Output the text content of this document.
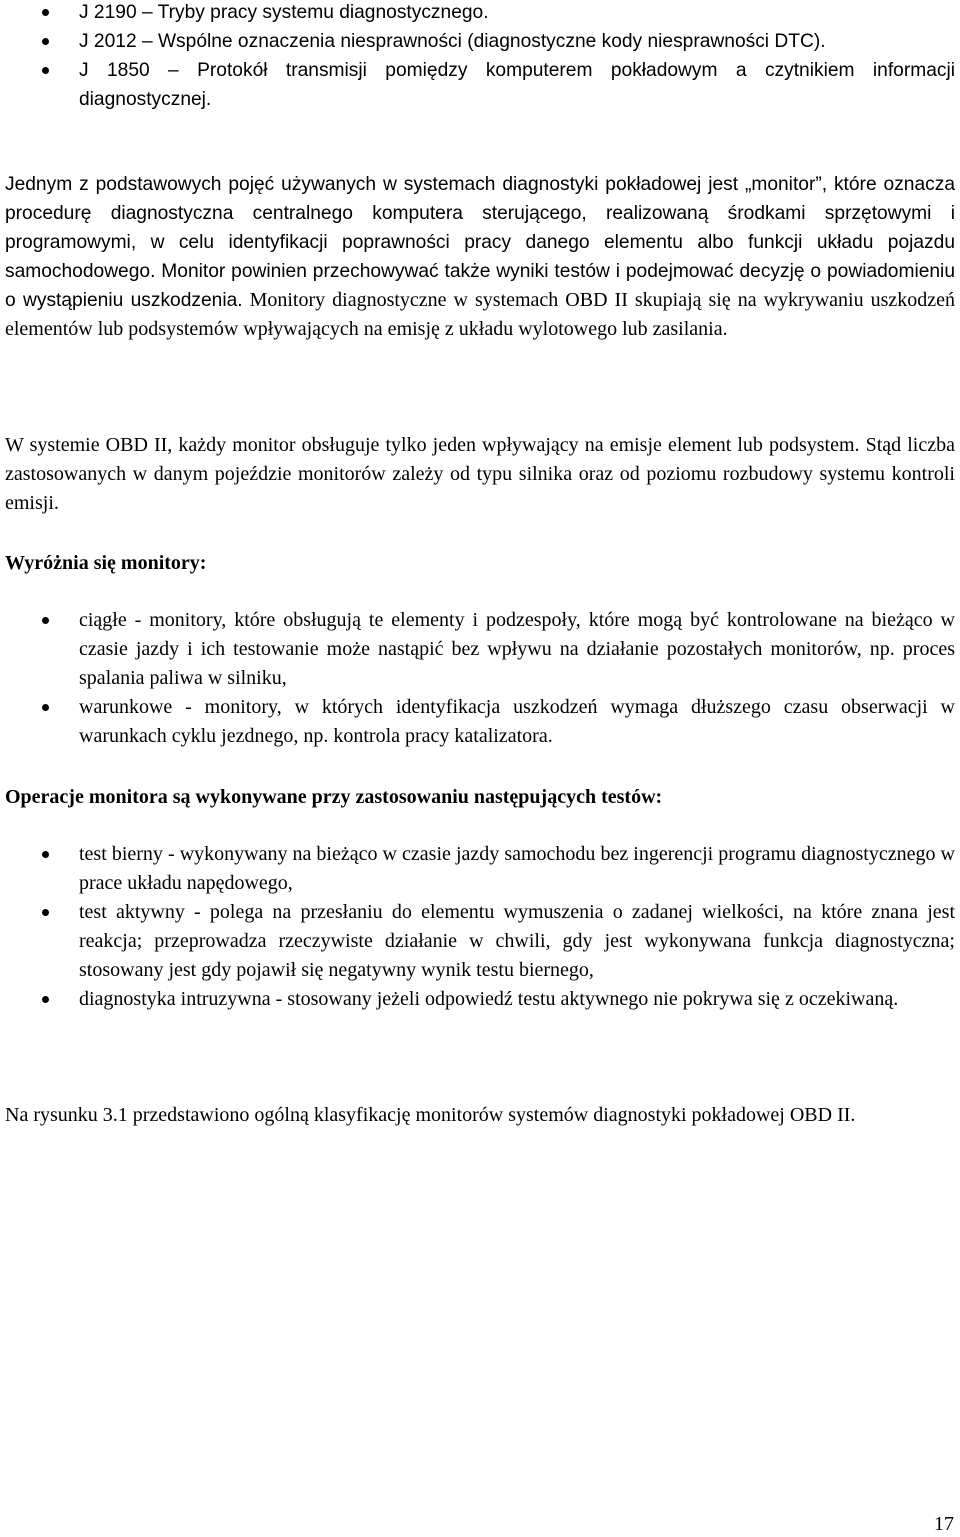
J 2190 – Tryby pracy systemu diagnostycznego.
J 2012 – Wspólne oznaczenia niesprawności (diagnostyczne kody niesprawności DTC).
J 1850 – Protokół transmisji pomiędzy komputerem pokładowym a czytnikiem informacji diagnostycznej.
Jednym z podstawowych pojęć używanych w systemach diagnostyki pokładowej jest „monitor”, które oznacza procedurę diagnostyczna centralnego komputera sterującego, realizowaną środkami sprzętowymi i programowymi, w celu identyfikacji poprawności pracy danego elementu albo funkcji układu pojazdu samochodowego. Monitor powinien przechowywać także wyniki testów i podejmować decyzję o powiadomieniu o wystąpieniu uszkodzenia. Monitory diagnostyczne w systemach OBD II skupiają się na wykrywaniu uszkodzeń elementów lub podsystemów wpływających na emisję z układu wylotowego lub zasilania.
W systemie OBD II, każdy monitor obsługuje tylko jeden wpływający na emisje element lub podsystem. Stąd liczba zastosowanych w danym pojeździe monitorów zależy od typu silnika oraz od poziomu rozbudowy systemu kontroli emisji.
Wyróżnia się monitory:
ciągłe - monitory, które obsługują te elementy i podzespoły, które mogą być kontrolowane na bieżąco w czasie jazdy i ich testowanie może nastąpić bez wpływu na działanie pozostałych monitorów, np. proces spalania paliwa w silniku,
warunkowe - monitory, w których identyfikacja uszkodzeń wymaga dłuższego czasu obserwacji w warunkach cyklu jezdnego, np. kontrola pracy katalizatora.
Operacje monitora są wykonywane przy zastosowaniu następujących testów:
test bierny - wykonywany na bieżąco w czasie jazdy samochodu bez ingerencji programu diagnostycznego w prace układu napędowego,
test aktywny - polega na przesłaniu do elementu wymuszenia o zadanej wielkości, na które znana jest reakcja; przeprowadza rzeczywiste działanie w chwili, gdy jest wykonywana funkcja diagnostyczna; stosowany jest gdy pojawił się negatywny wynik testu biernego,
diagnostyka intruzywna - stosowany jeżeli odpowiedź testu aktywnego nie pokrywa się z oczekiwaną.
Na rysunku 3.1 przedstawiono ogólną klasyfikację monitorów systemów diagnostyki pokładowej OBD II.
17
